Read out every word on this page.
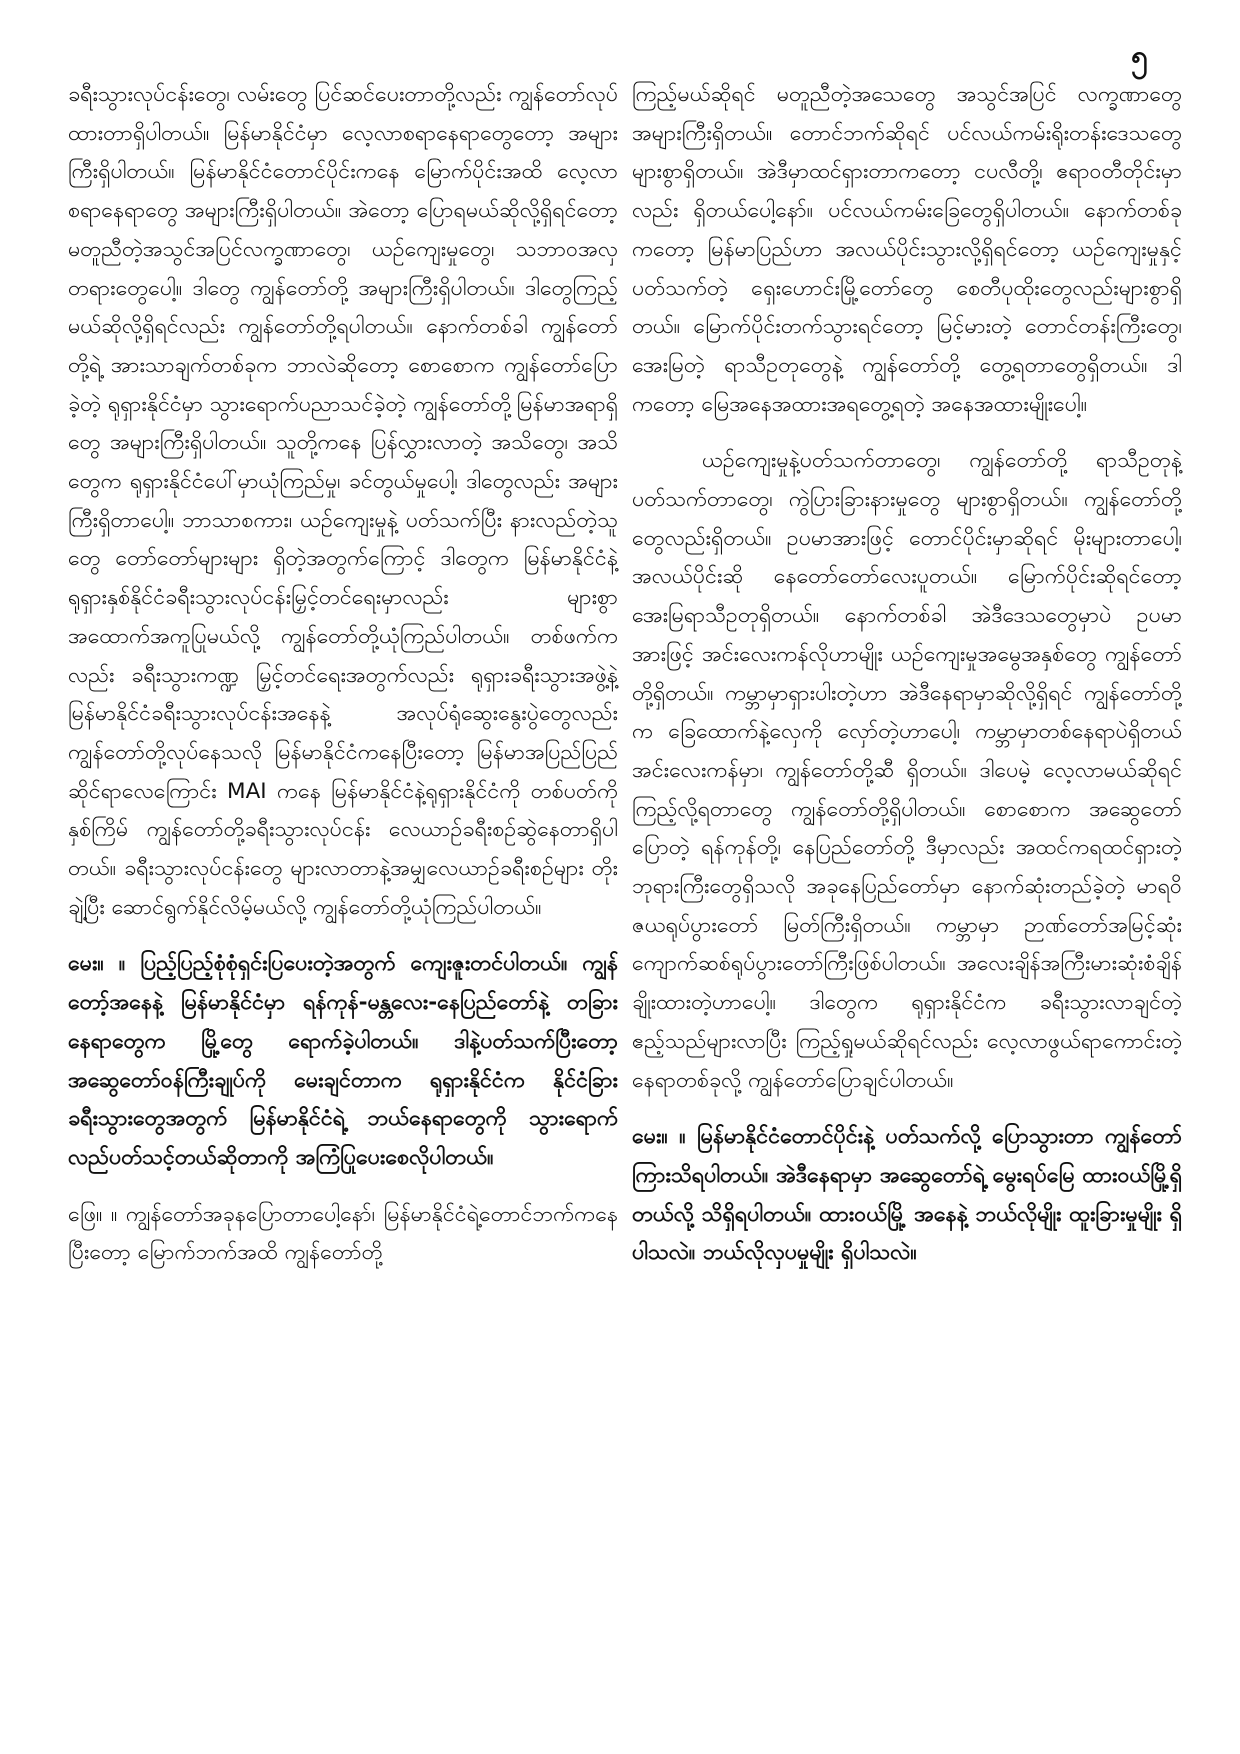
၅

ခရီးသွားလုပ်ငန်းတွေ၊ လမ်းတွေ ပြင်ဆင်ပေးတာတို့လည်း ကျွန်တော်လုပ်ထားတာရှိပါတယ်။ မြန်မာနိုင်ငံမှာ လေ့လာစရာနေရာတွေတော့ အများကြီးရှိပါတယ်။ မြန်မာနိုင်ငံတောင်ပိုင်းကနေ မြောက်ပိုင်းအထိ လေ့လာစရာနေရာတွေ အများကြီးရှိပါတယ်။ အဲတော့ ပြောရမယ်ဆိုလို့ရှိရင်တော့ မတူညီတဲ့အသွင်အပြင်လက္ခဏာတွေ၊ ယဉ်ကျေးမှုတွေ၊ သဘာဝအလှတရားတွေပေါ့။ ဒါတွေ ကျွန်တော်တို့ အများကြီးရှိပါတယ်။ ဒါတွေကြည့်မယ်ဆိုလို့ရှိရင်လည်း ကျွန်တော်တို့ရပါတယ်။ နောက်တစ်ခါ ကျွန်တော်တို့ရဲ့ အားသာချက်တစ်ခုက ဘာလဲဆိုတော့ စောစောက ကျွန်တော်ပြောခဲ့တဲ့ ရုရှားနိုင်ငံမှာ သွားရောက်ပညာသင်ခဲ့တဲ့ ကျွန်တော်တို့မြန်မာအရာရှိတွေ အများကြီးရှိပါတယ်။ သူတို့ကနေ ပြန်လွှားလာတဲ့ အသိတွေ၊ အသိတွေက ရုရှားနိုင်ငံပေါ်မှာယုံကြည်မှု၊ ခင်တွယ်မှုပေါ့၊ ဒါတွေလည်း အများကြီးရှိတာပေါ့။ ဘာသာစကား၊ ယဉ်ကျေးမှုနဲ့ ပတ်သက်ပြီး နားလည်တဲ့သူတွေ တော်တော်များများ ရှိတဲ့အတွက်ကြောင့် ဒါတွေက မြန်မာနိုင်ငံနဲ့ ရုရှားနှစ်နိုင်ငံခရီးသွားလုပ်ငန်းမြှင့်တင်ရေးမှာလည်း များစွာအထောက်အကူပြုမယ်လို့ ကျွန်တော်တို့ယုံကြည်ပါတယ်။ တစ်ဖက်ကလည်း ခရီးသွားကဏ္ဍ မြှင့်တင်ရေးအတွက်လည်း ရုရှားခရီးသွားအဖွဲ့နဲ့ မြန်မာနိုင်ငံခရီးသွားလုပ်ငန်းအနေနဲ့ အလုပ်ရုံဆွေးနွေးပွဲတွေလည်း ကျွန်တော်တို့လုပ်နေသလို မြန်မာနိုင်ငံကနေပြီးတော့ မြန်မာအပြည်ပြည်ဆိုင်ရာလေကြောင်း MAI ကနေ မြန်မာနိုင်ငံနဲ့ရုရှားနိုင်ငံကို တစ်ပတ်ကိုနှစ်ကြိမ် ကျွန်တော်တို့ခရီးသွားလုပ်ငန်း လေယာဉ်ခရီးစဉ်ဆွဲနေတာရှိပါတယ်။ ခရီးသွားလုပ်ငန်းတွေ များလာတာနဲ့အမျှလေယာဉ်ခရီးစဉ်များ တိုးချဲ့ပြီး ဆောင်ရွက်နိုင်လိမ့်မယ်လို့ ကျွန်တော်တို့ယုံကြည်ပါတယ်။

မေး။ ။ ပြည့်ပြည့်စုံစုံရှင်းပြပေးတဲ့အတွက် ကျေးဇူးတင်ပါတယ်။ ကျွန်တော့်အနေနဲ့ မြန်မာနိုင်ငံမှာ ရန်ကုန်-မန္တလေး-နေပြည်တော်နဲ့ တခြားနေရာတွေက မြို့တွေ ရောက်ခဲ့ပါတယ်။ ဒါနဲ့ပတ်သက်ပြီးတော့ အဆွေတော်ဝန်ကြီးချုပ်ကို မေးချင်တာက ရုရှားနိုင်ငံက နိုင်ငံခြားခရီးသွားတွေအတွက် မြန်မာနိုင်ငံရဲ့ ဘယ်နေရာတွေကို သွားရောက်လည်ပတ်သင့်တယ်ဆိုတာကို အကြံပြုပေးစေလိုပါတယ်။

ဖြေ။ ။ ကျွန်တော်အခုနပြောတာပေါ့နော်၊ မြန်မာနိုင်ငံရဲ့တောင်ဘက်ကနေပြီးတော့ မြောက်ဘက်အထိ ကျွန်တော်တို့

ကြည့်မယ်ဆိုရင် မတူညီတဲ့အသေတွေ အသွင်အပြင် လက္ခဏာတွေ အများကြီးရှိတယ်။ တောင်ဘက်ဆိုရင် ပင်လယ်ကမ်းရိုးတန်းဒေသတွေ များစွာရှိတယ်။ အဲဒီမှာထင်ရှားတာကတော့ ငပလီတို့၊ ဧရာဝတီတိုင်းမှာလည်း ရှိတယ်ပေါ့နော်။ ပင်လယ်ကမ်းခြေတွေရှိပါတယ်။ နောက်တစ်ခုကတော့ မြန်မာပြည်ဟာ အလယ်ပိုင်းသွားလို့ရှိရင်တော့ ယဉ်ကျေးမှုနှင့်ပတ်သက်တဲ့ ရှေးဟောင်းမြို့တော်တွေ စေတီပုထိုးတွေလည်းများစွာရှိတယ်။ မြောက်ပိုင်းတက်သွားရင်တော့ မြင့်မားတဲ့ တောင်တန်းကြီးတွေ၊ အေးမြတဲ့ ရာသီဥတုတွေနဲ့ ကျွန်တော်တို့ တွေ့ရတာတွေရှိတယ်။ ဒါကတော့ မြေအနေအထားအရတွေ့ရတဲ့ အနေအထားမျိုးပေါ့။

ယဉ်ကျေးမှုနဲ့ပတ်သက်တာတွေ၊ ကျွန်တော်တို့ ရာသီဥတုနဲ့ပတ်သက်တာတွေ၊ ကွဲပြားခြားနားမှုတွေ များစွာရှိတယ်။ ကျွန်တော်တို့တွေလည်းရှိတယ်။ ဥပမာအားဖြင့် တောင်ပိုင်းမှာဆိုရင် မိုးများတာပေါ့၊ အလယ်ပိုင်းဆို နေတော်တော်လေးပူတယ်။ မြောက်ပိုင်းဆိုရင်တော့ အေးမြရာသီဥတုရှိတယ်။ နောက်တစ်ခါ အဲဒီဒေသတွေမှာပဲ ဥပမာအားဖြင့် အင်းလေးကန်လိုဟာမျိုး ယဉ်ကျေးမှုအမွေအနှစ်တွေ ကျွန်တော်တို့ရှိတယ်။ ကမ္ဘာမှာရှားပါးတဲ့ဟာ အဲဒီနေရာမှာဆိုလို့ရှိရင် ကျွန်တော်တို့က ခြေထောက်နဲ့လှေကို လှော်တဲ့ဟာပေါ့၊ ကမ္ဘာမှာတစ်နေရာပဲရှိတယ် အင်းလေးကန်မှာ၊ ကျွန်တော်တို့ဆီ ရှိတယ်။ ဒါပေမဲ့ လေ့လာမယ်ဆိုရင် ကြည့်လို့ရတာတွေ ကျွန်တော်တို့ရှိပါတယ်။ စောစောက အဆွေတော်ပြောတဲ့ ရန်ကုန်တို့၊ နေပြည်တော်တို့ ဒီမှာလည်း အထင်ကရထင်ရှားတဲ့ ဘုရားကြီးတွေရှိသလို အခုနေပြည်တော်မှာ နောက်ဆုံးတည်ခဲ့တဲ့ မာရဝိဇယရုပ်ပွားတော် မြတ်ကြီးရှိတယ်။ ကမ္ဘာမှာ ဉာဏ်တော်အမြင့်ဆုံး ကျောက်ဆစ်ရုပ်ပွားတော်ကြီးဖြစ်ပါတယ်။ အလေးချိန်အကြီးမားဆုံးစံချိန်ချိုးထားတဲ့ဟာပေါ့။ ဒါတွေက ရုရှားနိုင်ငံက ခရီးသွားလာချင်တဲ့ ဧည့်သည်များလာပြီး ကြည့်ရှုမယ်ဆိုရင်လည်း လေ့လာဖွယ်ရာကောင်းတဲ့နေရာတစ်ခုလို့ ကျွန်တော်ပြောချင်ပါတယ်။

မေး။ ။ မြန်မာနိုင်ငံတောင်ပိုင်းနဲ့ ပတ်သက်လို့ ပြောသွားတာ ကျွန်တော်ကြားသိရပါတယ်။ အဲဒီနေရာမှာ အဆွေတော်ရဲ့ မွေးရပ်မြေ ထားဝယ်မြို့ရှိတယ်လို့ သိရှိရပါတယ်။ ထားဝယ်မြို့ အနေနဲ့ ဘယ်လိုမျိုး ထူးခြားမှုမျိုး ရှိပါသလဲ။ ဘယ်လိုလှပမှုမျိုး ရှိပါသလဲ။
